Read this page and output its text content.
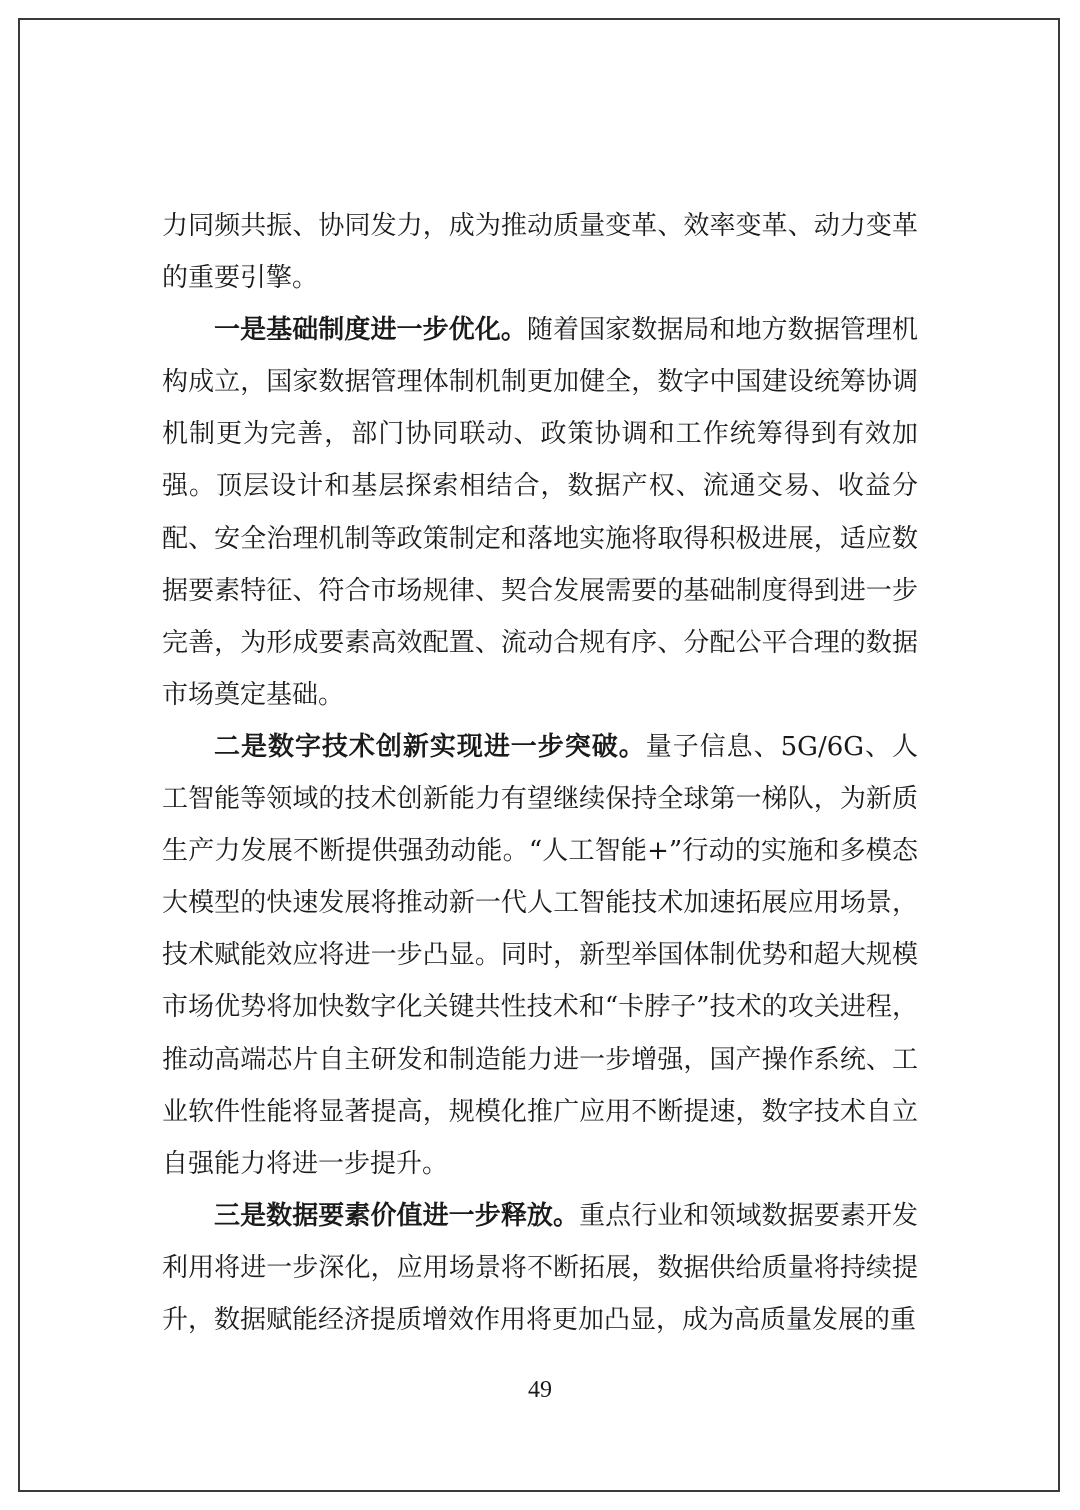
力同频共振、协同发力，成为推动质量变革、效率变革、动力变革的重要引擎。

一是基础制度进一步优化。随着国家数据局和地方数据管理机构成立，国家数据管理体制机制更加健全，数字中国建设统筹协调机制更为完善，部门协同联动、政策协调和工作统筹得到有效加强。顶层设计和基层探索相结合，数据产权、流通交易、收益分配、安全治理机制等政策制定和落地实施将取得积极进展，适应数据要素特征、符合市场规律、契合发展需要的基础制度得到进一步完善，为形成要素高效配置、流动合规有序、分配公平合理的数据市场奠定基础。

二是数字技术创新实现进一步突破。量子信息、5G/6G、人工智能等领域的技术创新能力有望继续保持全球第一梯队，为新质生产力发展不断提供强劲动能。“人工智能+”行动的实施和多模态大模型的快速发展将推动新一代人工智能技术加速拓展应用场景，技术赋能效应将进一步凸显。同时，新型举国体制优势和超大规模市场优势将加快数字化关键共性技术和“卡脖子”技术的攻关进程，推动高端芯片自主研发和制造能力进一步增强，国产操作系统、工业软件性能将显著提高，规模化推广应用不断提速，数字技术自立自强能力将进一步提升。

三是数据要素价值进一步释放。重点行业和领域数据要素开发利用将进一步深化，应用场景将不断拓展，数据供给质量将持续提升，数据赋能经济提质增效作用将更加凸显，成为高质量发展的重

49
